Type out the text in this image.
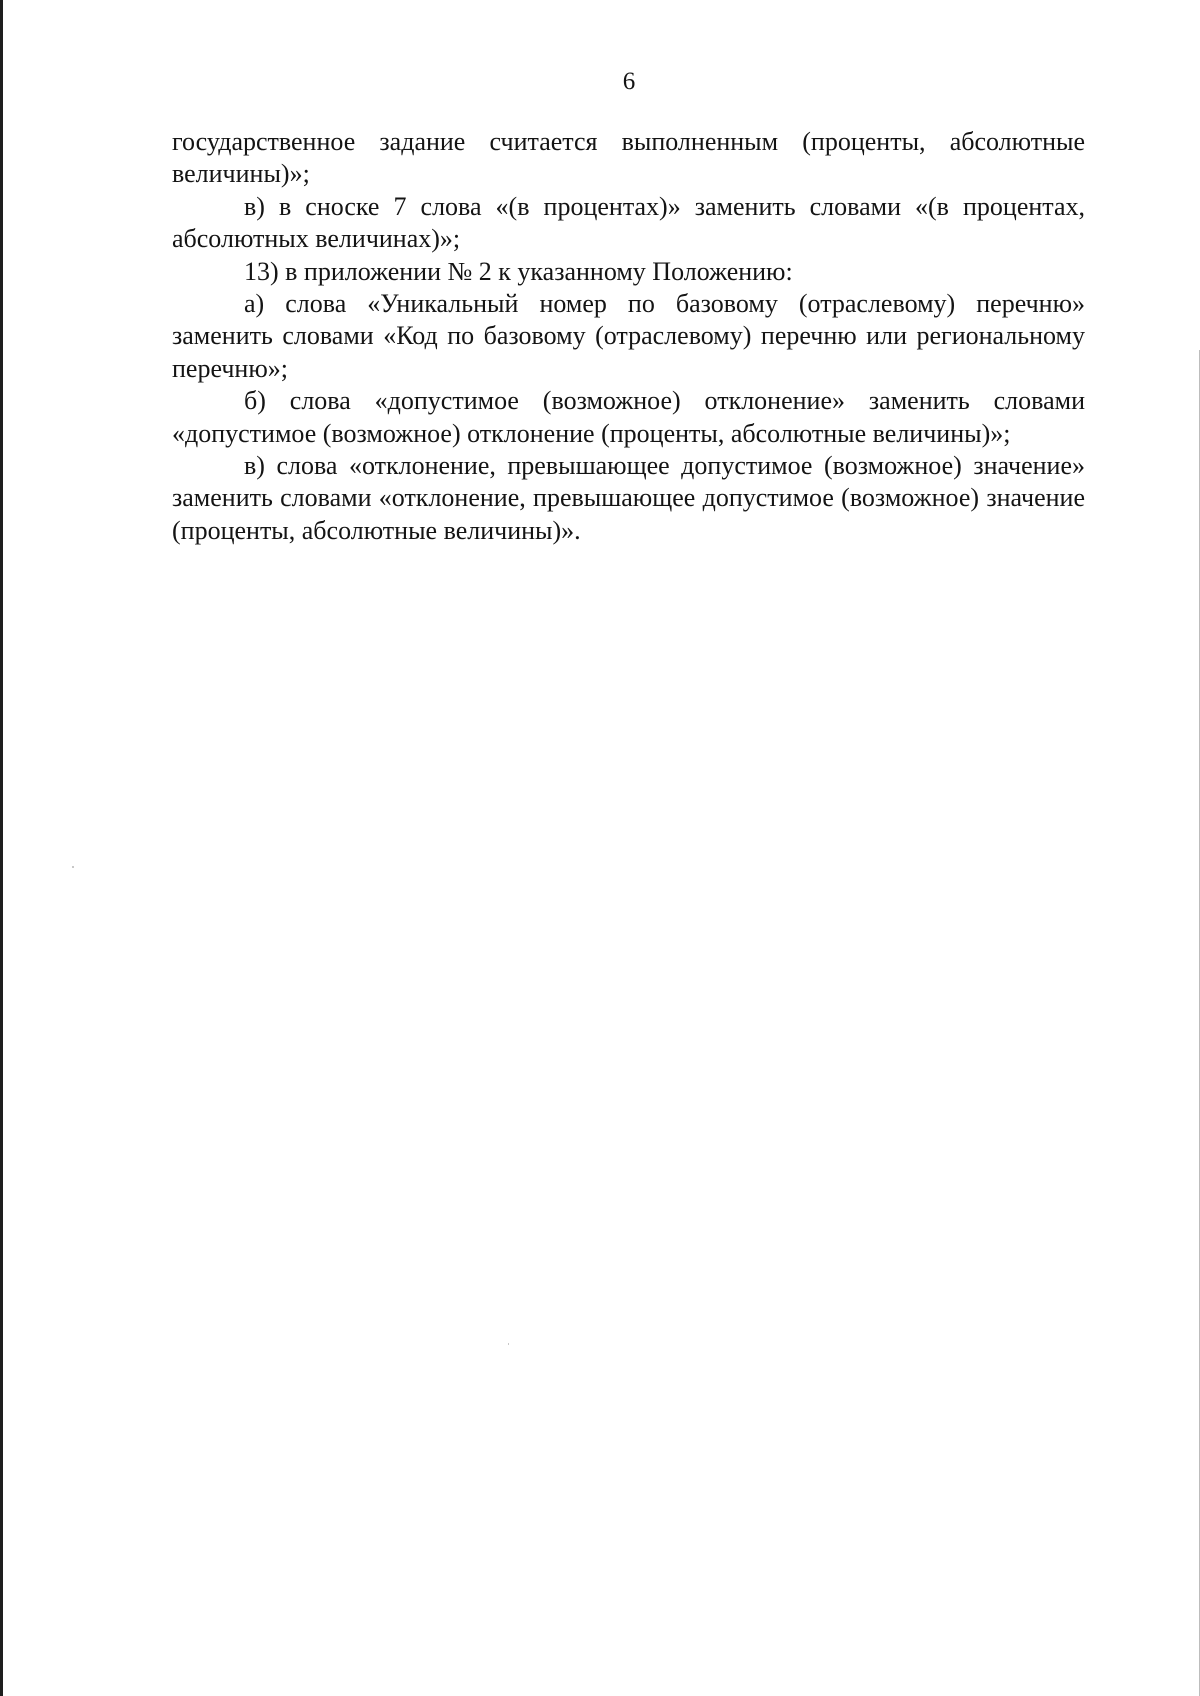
6

государственное задание считается выполненным (проценты, абсолютные величины)»;

в) в сноске 7 слова «(в процентах)» заменить словами «(в процентах, абсолютных величинах)»;

13) в приложении № 2 к указанному Положению:

а) слова «Уникальный номер по базовому (отраслевому) перечню» заменить словами «Код по базовому (отраслевому) перечню или региональному перечню»;

б) слова «допустимое (возможное) отклонение» заменить словами «допустимое (возможное) отклонение (проценты, абсолютные величины)»;

в) слова «отклонение, превышающее допустимое (возможное) значение» заменить словами «отклонение, превышающее допустимое (возможное) значение (проценты, абсолютные величины)».
